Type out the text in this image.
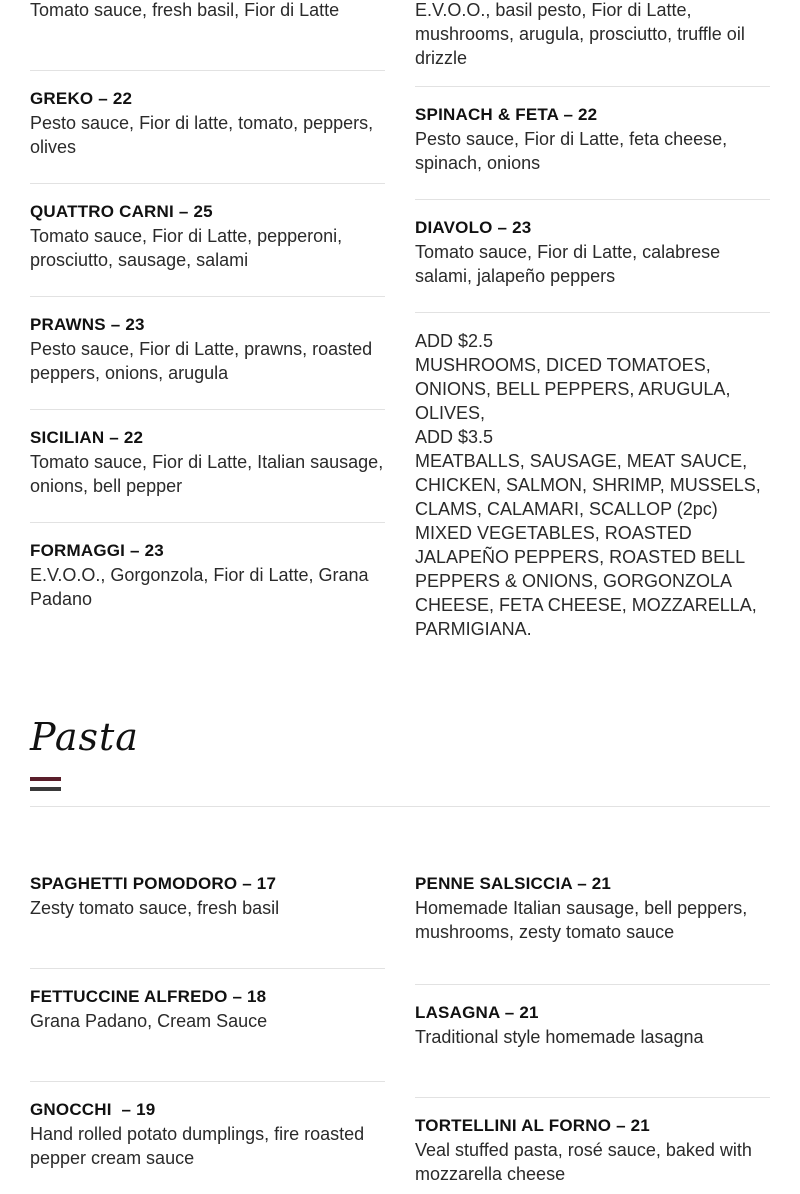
Tomato sauce, fresh basil, Fior di Latte
GREKO – 22
Pesto sauce, Fior di latte, tomato, peppers, olives
QUATTRO CARNI – 25
Tomato sauce, Fior di Latte, pepperoni, prosciutto, sausage, salami
PRAWNS – 23
Pesto sauce, Fior di Latte, prawns, roasted peppers, onions, arugula
SICILIAN – 22
Tomato sauce, Fior di Latte, Italian sausage, onions, bell pepper
FORMAGGI – 23
E.V.O.O., Gorgonzola, Fior di Latte, Grana Padano
E.V.O.O., basil pesto, Fior di Latte, mushrooms, arugula, prosciutto, truffle oil drizzle
SPINACH & FETA – 22
Pesto sauce, Fior di Latte, feta cheese, spinach, onions
DIAVOLO – 23
Tomato sauce, Fior di Latte, calabrese salami, jalapeño peppers
ADD $2.5
MUSHROOMS, DICED TOMATOES, ONIONS, BELL PEPPERS, ARUGULA, OLIVES,
ADD $3.5
MEATBALLS, SAUSAGE, MEAT SAUCE, CHICKEN, SALMON, SHRIMP, MUSSELS, CLAMS, CALAMARI, SCALLOP (2pc)
MIXED VEGETABLES, ROASTED JALAPEÑO PEPPERS, ROASTED BELL PEPPERS & ONIONS, GORGONZOLA CHEESE, FETA CHEESE, MOZZARELLA, PARMIGIANA.
Pasta
SPAGHETTI POMODORO – 17
Zesty tomato sauce, fresh basil
FETTUCCINE ALFREDO – 18
Grana Padano, Cream Sauce
GNOCCHI  – 19
Hand rolled potato dumplings, fire roasted pepper cream sauce
PENNE SALSICCIA – 21
Homemade Italian sausage, bell peppers, mushrooms, zesty tomato sauce
LASAGNA – 21
Traditional style homemade lasagna
TORTELLINI AL FORNO – 21
Veal stuffed pasta, rosé sauce, baked with mozzarella cheese
